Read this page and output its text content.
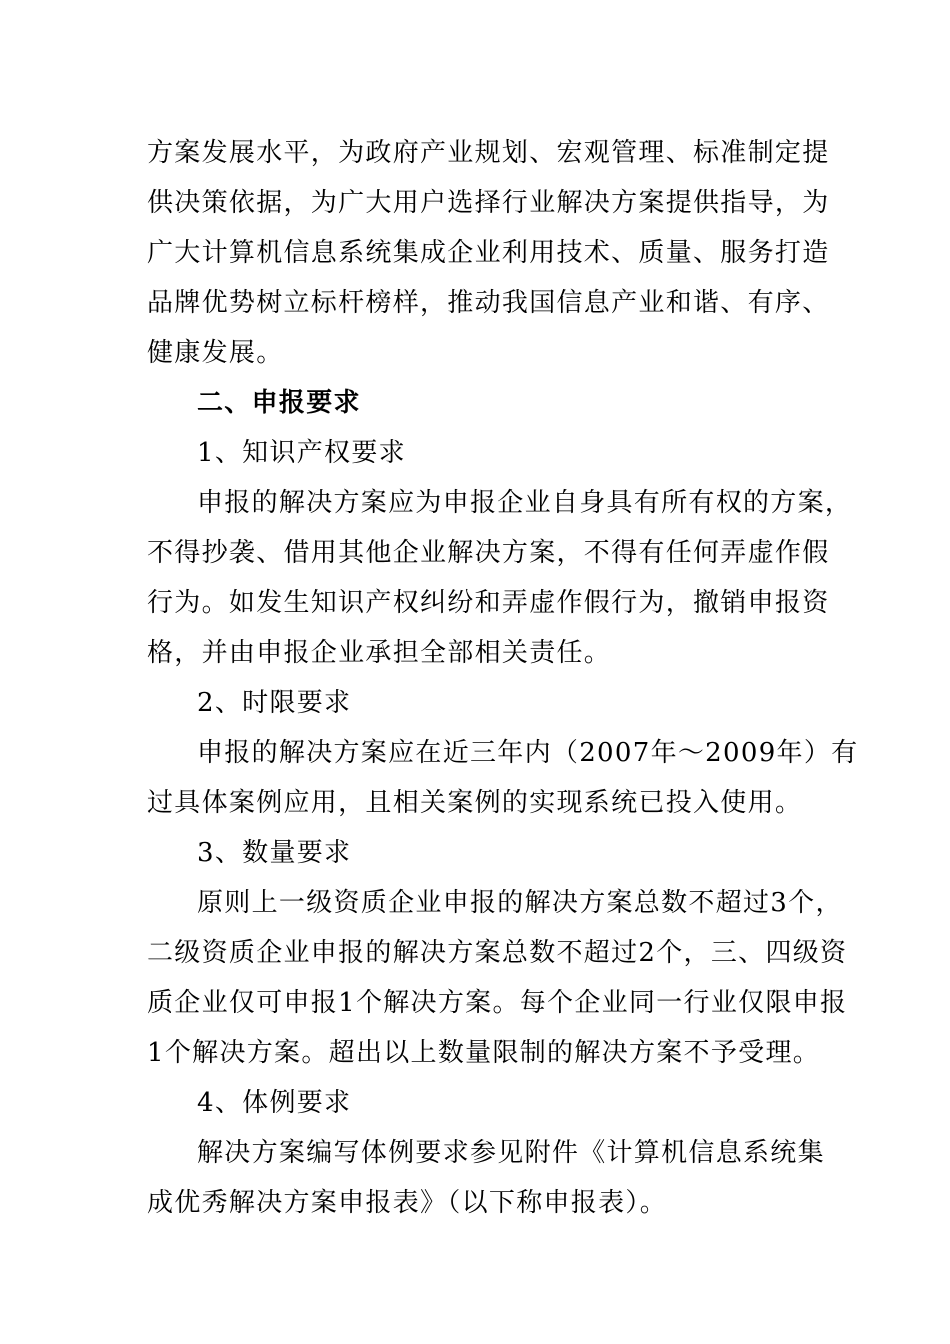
方案发展水平，为政府产业规划、宏观管理、标准制定提
供决策依据，为广大用户选择行业解决方案提供指导，为
广大计算机信息系统集成企业利用技术、质量、服务打造
品牌优势树立标杆榜样，推动我国信息产业和谐、有序、
健康发展。
二、申报要求
1、知识产权要求
申报的解决方案应为申报企业自身具有所有权的方案，
不得抄袭、借用其他企业解决方案，不得有任何弄虚作假
行为。如发生知识产权纠纷和弄虚作假行为，撤销申报资
格，并由申报企业承担全部相关责任。
2、时限要求
申报的解决方案应在近三年内（2007年～2009年）有
过具体案例应用，且相关案例的实现系统已投入使用。
3、数量要求
原则上一级资质企业申报的解决方案总数不超过3个，
二级资质企业申报的解决方案总数不超过2个，三、四级资
质企业仅可申报1个解决方案。每个企业同一行业仅限申报
1个解决方案。超出以上数量限制的解决方案不予受理。
4、体例要求
解决方案编写体例要求参见附件《计算机信息系统集
成优秀解决方案申报表》（以下称申报表）。
